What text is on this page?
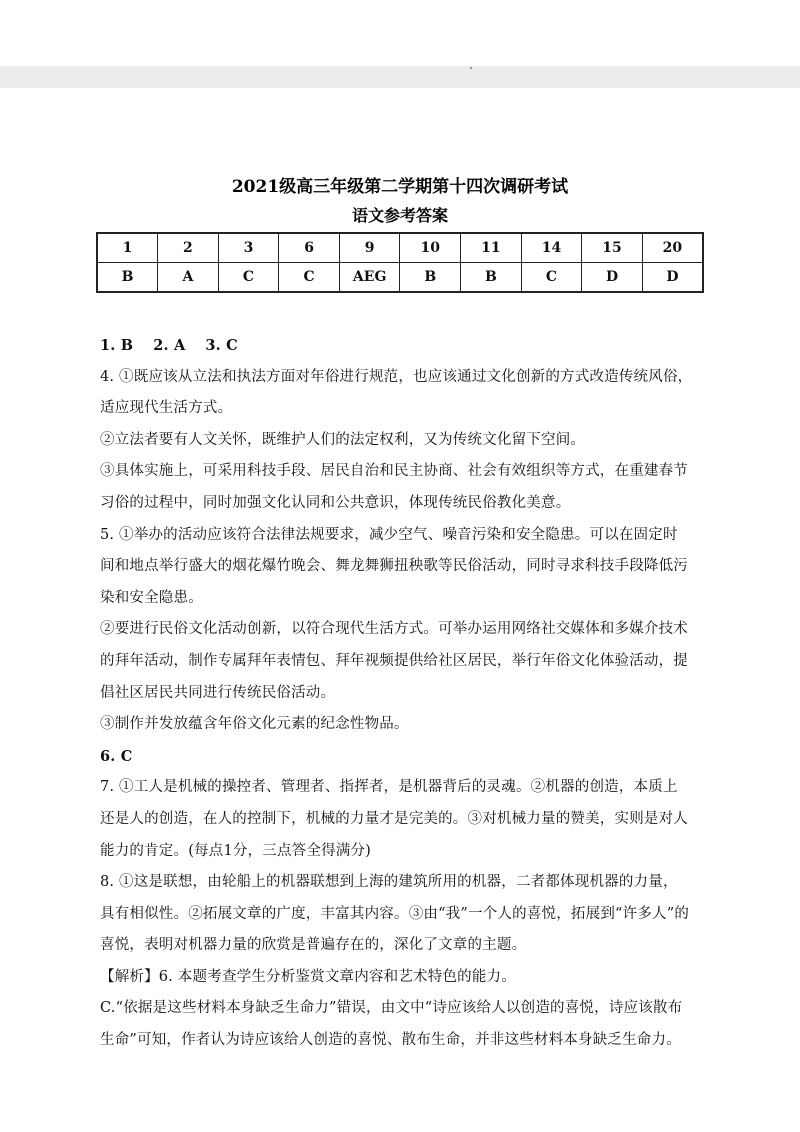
2021级高三年级第二学期第十四次调研考试
语文参考答案
1	2	3	6	9	10	11	14	15	20
B	A	C	C	AEG	B	B	C	D	D

1. B　 2. A　 3. C

4. ①既应该从立法和执法方面对年俗进行规范，也应该通过文化创新的方式改造传统风俗，

适应现代生活方式。

②立法者要有人文关怀，既维护人们的法定权利，又为传统文化留下空间。

③具体实施上，可采用科技手段、居民自治和民主协商、社会有效组织等方式，在重建春节

习俗的过程中，同时加强文化认同和公共意识，体现传统民俗教化美意。

5. ①举办的活动应该符合法律法规要求，减少空气、噪音污染和安全隐患。可以在固定时

间和地点举行盛大的烟花爆竹晚会、舞龙舞狮扭秧歌等民俗活动，同时寻求科技手段降低污

染和安全隐患。

②要进行民俗文化活动创新，以符合现代生活方式。可举办运用网络社交媒体和多媒介技术

的拜年活动，制作专属拜年表情包、拜年视频提供给社区居民，举行年俗文化体验活动，提

倡社区居民共同进行传统民俗活动。

③制作并发放蕴含年俗文化元素的纪念性物品。

6. C

7. ①工人是机械的操控者、管理者、指挥者，是机器背后的灵魂。②机器的创造，本质上

还是人的创造，在人的控制下，机械的力量才是完美的。③对机械力量的赞美，实则是对人

能力的肯定。(每点1分，三点答全得满分)

8. ①这是联想，由轮船上的机器联想到上海的建筑所用的机器，二者都体现机器的力量，

具有相似性。②拓展文章的广度，丰富其内容。③由“我”一个人的喜悦，拓展到“许多人”的

喜悦，表明对机器力量的欣赏是普遍存在的，深化了文章的主题。

【解析】6. 本题考查学生分析鉴赏文章内容和艺术特色的能力。

C.“依据是这些材料本身缺乏生命力”错误，由文中“诗应该给人以创造的喜悦，诗应该散布

生命”可知，作者认为诗应该给人创造的喜悦、散布生命，并非这些材料本身缺乏生命力。
